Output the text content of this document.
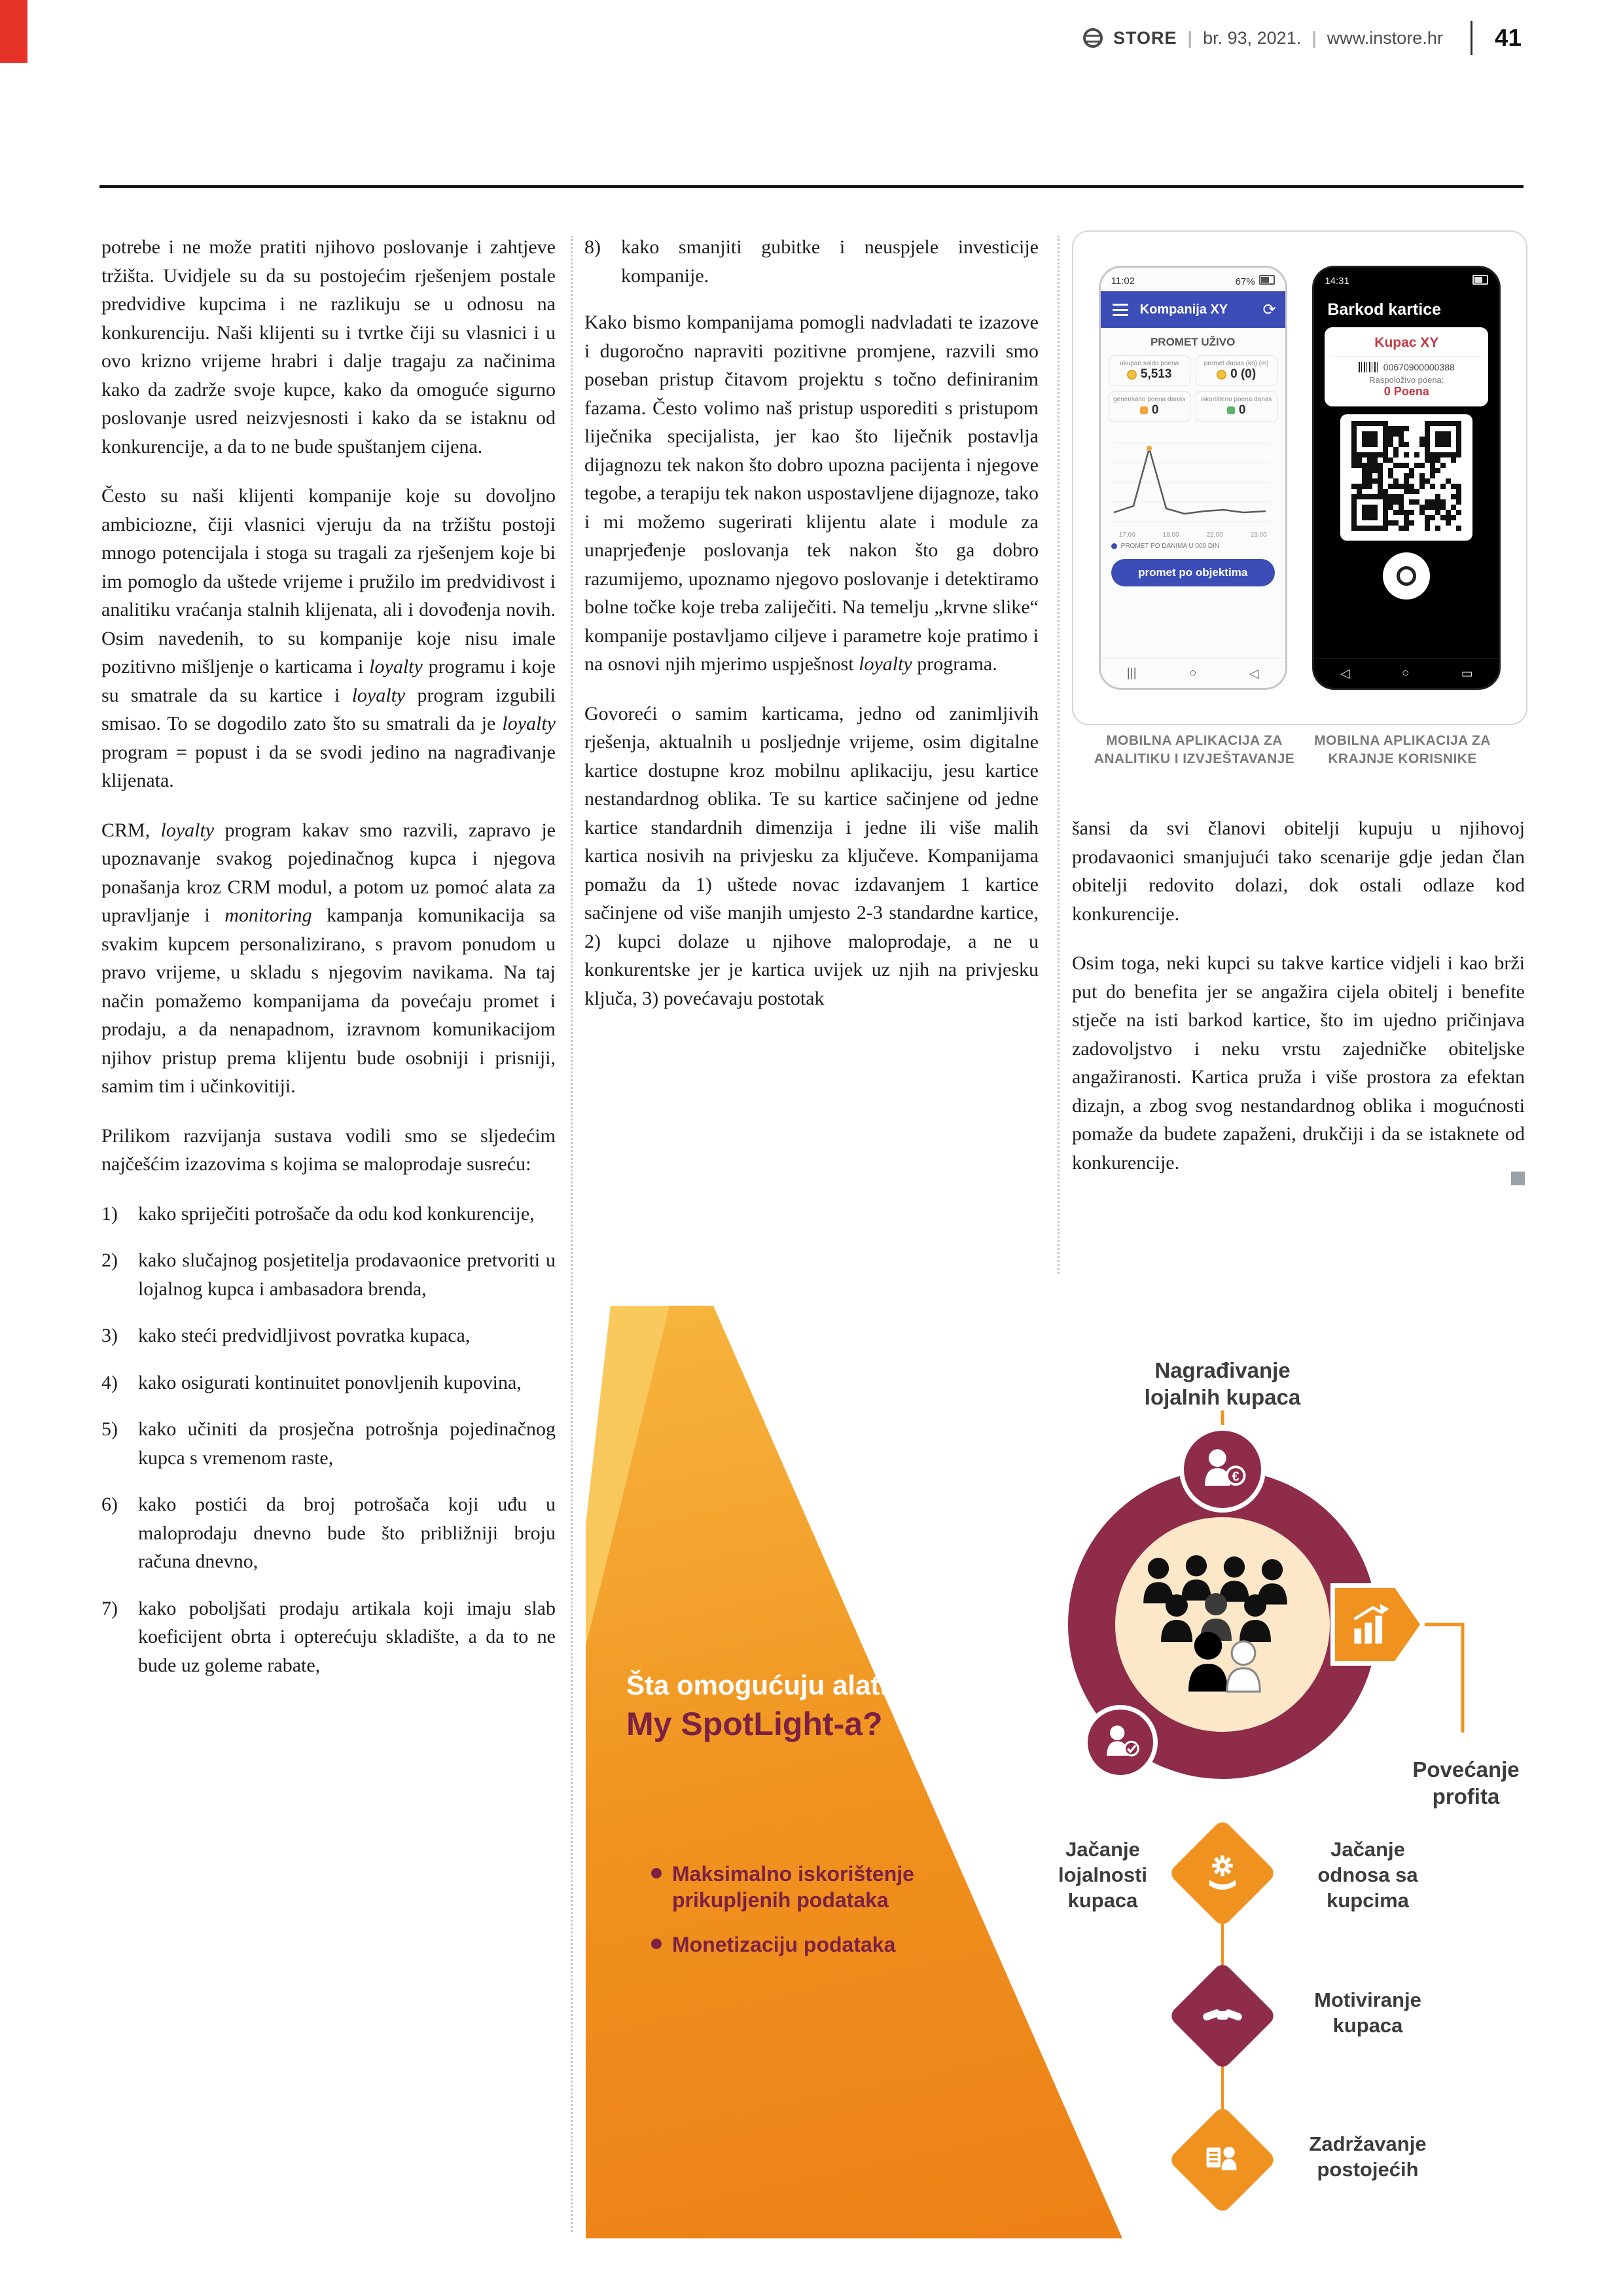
STORE | br. 93, 2021. | www.instore.hr 41

potrebe i ne može pratiti njihovo poslovanje i zahtjeve tržišta. Uvidjele su da su postojećim rješenjem postale predvidive kupcima i ne razlikuju se u odnosu na konkurenciju. Naši klijenti su i tvrtke čiji su vlasnici i u ovo krizno vrijeme hrabri i dalje tragaju za načinima kako da zadrže svoje kupce, kako da omoguće sigurno poslovanje usred neizvjesnosti i kako da se istaknu od konkurencije, a da to ne bude spuštanjem cijena.

Često su naši klijenti kompanije koje su dovoljno ambiciozne, čiji vlasnici vjeruju da na tržištu postoji mnogo potencijala i stoga su tragali za rješenjem koje bi im pomoglo da uštede vrijeme i pružilo im predvidivost i analitiku vraćanja stalnih klijenata, ali i dovođenja novih. Osim navedenih, to su kompanije koje nisu imale pozitivno mišljenje o karticama i loyalty programu i koje su smatrale da su kartice i loyalty program izgubili smisao. To se dogodilo zato što su smatrali da je loyalty program = popust i da se svodi jedino na nagrađivanje klijenata.

CRM, loyalty program kakav smo razvili, zapravo je upoznavanje svakog pojedinačnog kupca i njegova ponašanja kroz CRM modul, a potom uz pomoć alata za upravljanje i monitoring kampanja komunikacija sa svakim kupcem personalizirano, s pravom ponudom u pravo vrijeme, u skladu s njegovim navikama. Na taj način pomažemo kompanijama da povećaju promet i prodaju, a da nenapadnom, izravnom komunikacijom njihov pristup prema klijentu bude osobniji i prisniji, samim tim i učinkovitiji.

Prilikom razvijanja sustava vodili smo se sljedećim najčešćim izazovima s kojima se maloprodaje susreću:

1)	kako spriječiti potrošače da odu kod konkurencije,
2)	kako slučajnog posjetitelja prodavaonice pretvoriti u lojalnog kupca i ambasadora brenda,
3)	kako steći predvidljivost povratka kupaca,
4)	kako osigurati kontinuitet ponovljenih kupovina,
5)	kako učiniti da prosječna potrošnja pojedinačnog kupca s vremenom raste,
6)	kako postići da broj potrošača koji uđu u maloprodaju dnevno bude što približniji broju računa dnevno,
7)	kako poboljšati prodaju artikala koji imaju slab koeficijent obrta i opterećuju skladište, a da to ne bude uz goleme rabate,
8)	kako smanjiti gubitke i neuspjele investicije kompanije.

Kako bismo kompanijama pomogli nadvladati te izazove i dugoročno napraviti pozitivne promjene, razvili smo poseban pristup čitavom projektu s točno definiranim fazama. Često volimo naš pristup usporediti s pristupom liječnika specijalista, jer kao što liječnik postavlja dijagnozu tek nakon što dobro upozna pacijenta i njegove tegobe, a terapiju tek nakon uspostavljene dijagnoze, tako i mi možemo sugerirati klijentu alate i module za unaprjeđenje poslovanja tek nakon što ga dobro razumijemo, upoznamo njegovo poslovanje i detektiramo bolne točke koje treba zaliječiti. Na temelju „krvne slike“ kompanije postavljamo ciljeve i parametre koje pratimo i na osnovi njih mjerimo uspješnost loyalty programa.

Govoreći o samim karticama, jedno od zanimljivih rješenja, aktualnih u posljednje vrijeme, osim digitalne kartice dostupne kroz mobilnu aplikaciju, jesu kartice nestandardnog oblika. Te su kartice sačinjene od jedne kartice standardnih dimenzija i jedne ili više malih kartica nosivih na privjesku za ključeve. Kompanijama pomažu da 1) uštede novac izdavanjem 1 kartice sačinjene od više manjih umjesto 2-3 standardne kartice, 2) kupci dolaze u njihove maloprodaje, a ne u konkurentske jer je kartica uvijek uz njih na privjesku ključa, 3) povećavaju postotak

11:02	67%
Kompanija XY	⟳
PROMET UŽIVO
ukupan saldo poena
5,513
promet danas (kn) (m)
0 (0)
generisano poena danas
0
iskorišteno poena danas
0
17:00	18:00	22:00	23:00
PROMET PO DANIMA U 000 DIN
promet po objektima
|||	○	◁
14:31
Barkod kartice
Kupac XY
00670900000388
Raspoloživo poena:
0 Poena
◁	○	▭
MOBILNA APLIKACIJA ZA ANALITIKU I IZVJEŠTAVANJE
MOBILNA APLIKACIJA ZA KRAJNJE KORISNIKE

šansi da svi članovi obitelji kupuju u njihovoj prodavaonici smanjujući tako scenarije gdje jedan član obitelji redovito dolazi, dok ostali odlaze kod konkurencije.

Osim toga, neki kupci su takve kartice vidjeli i kao brži put do benefita jer se angažira cijela obitelj i benefite stječe na isti barkod kartice, što im ujedno pričinjava zadovoljstvo i neku vrstu zajedničke obiteljske angažiranosti. Kartica pruža i više prostora za efektan dizajn, a zbog svog nestandardnog oblika i mogućnosti pomaže da budete zapaženi, drukčiji i da se istaknete od konkurencije.

Šta omogućuju alati
My SpotLight-a?
Maksimalno iskorištenje prikupljenih podataka
Monetizaciju podataka
€
Nagrađivanje lojalnih kupaca
Povećanje profita
Jačanje lojalnosti kupaca
Jačanje odnosa sa kupcima
Motiviranje kupaca
Zadržavanje postojećih
